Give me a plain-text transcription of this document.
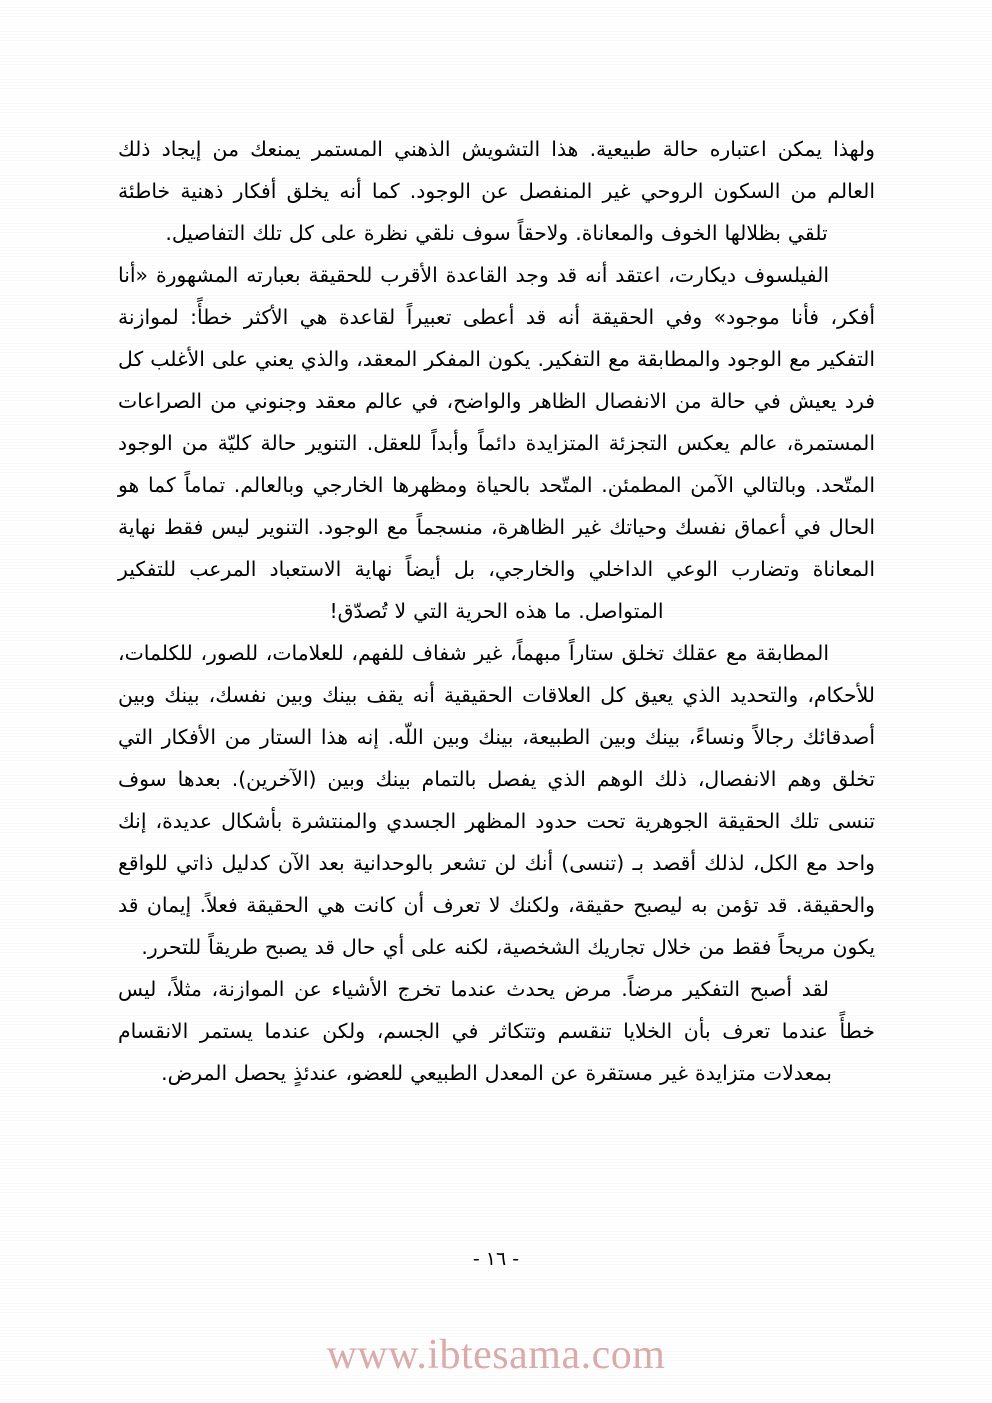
ولهذا يمكن اعتباره حالة طبيعية. هذا التشويش الذهني المستمر يمنعك من إيجاد ذلك العالم من السكون الروحي غير المنفصل عن الوجود. كما أنه يخلق أفكار ذهنية خاطئة تلقي بظلالها الخوف والمعاناة. ولاحقاً سوف نلقي نظرة على كل تلك التفاصيل.

الفيلسوف ديكارت، اعتقد أنه قد وجد القاعدة الأقرب للحقيقة بعبارته المشهورة «أنا أفكر، فأنا موجود» وفي الحقيقة أنه قد أعطى تعبيراً لقاعدة هي الأكثر خطأً: لموازنة التفكير مع الوجود والمطابقة مع التفكير. يكون المفكر المعقد، والذي يعني على الأغلب كل فرد يعيش في حالة من الانفصال الظاهر والواضح، في عالم معقد وجنوني من الصراعات المستمرة، عالم يعكس التجزئة المتزايدة دائماً وأبداً للعقل. التنوير حالة كليّة من الوجود المتّحد. وبالتالي الآمن المطمئن. المتّحد بالحياة ومظهرها الخارجي وبالعالم. تماماً كما هو الحال في أعماق نفسك وحياتك غير الظاهرة، منسجماً مع الوجود. التنوير ليس فقط نهاية المعاناة وتضارب الوعي الداخلي والخارجي، بل أيضاً نهاية الاستعباد المرعب للتفكير المتواصل. ما هذه الحرية التي لا تُصدّق!

المطابقة مع عقلك تخلق ستاراً مبهماً، غير شفاف للفهم، للعلامات، للصور، للكلمات، للأحكام، والتحديد الذي يعيق كل العلاقات الحقيقية أنه يقف بينك وبين نفسك، بينك وبين أصدقائك رجالاً ونساءً، بينك وبين الطبيعة، بينك وبين اللّه. إنه هذا الستار من الأفكار التي تخلق وهم الانفصال، ذلك الوهم الذي يفصل بالتمام بينك وبين (الآخرين). بعدها سوف تنسى تلك الحقيقة الجوهرية تحت حدود المظهر الجسدي والمنتشرة بأشكال عديدة، إنك واحد مع الكل، لذلك أقصد بـ (تنسى) أنك لن تشعر بالوحدانية بعد الآن كدليل ذاتي للواقع والحقيقة. قد تؤمن به ليصبح حقيقة، ولكنك لا تعرف أن كانت هي الحقيقة فعلاً. إيمان قد يكون مريحاً فقط من خلال تجاريك الشخصية، لكنه على أي حال قد يصبح طريقاً للتحرر.

لقد أصبح التفكير مرضاً. مرض يحدث عندما تخرج الأشياء عن الموازنة، مثلاً، ليس خطأً عندما تعرف بأن الخلايا تنقسم وتتكاثر في الجسم، ولكن عندما يستمر الانقسام بمعدلات متزايدة غير مستقرة عن المعدل الطبيعي للعضو، عندئذٍ يحصل المرض.

- ١٦ -
www.ibtesama.com
